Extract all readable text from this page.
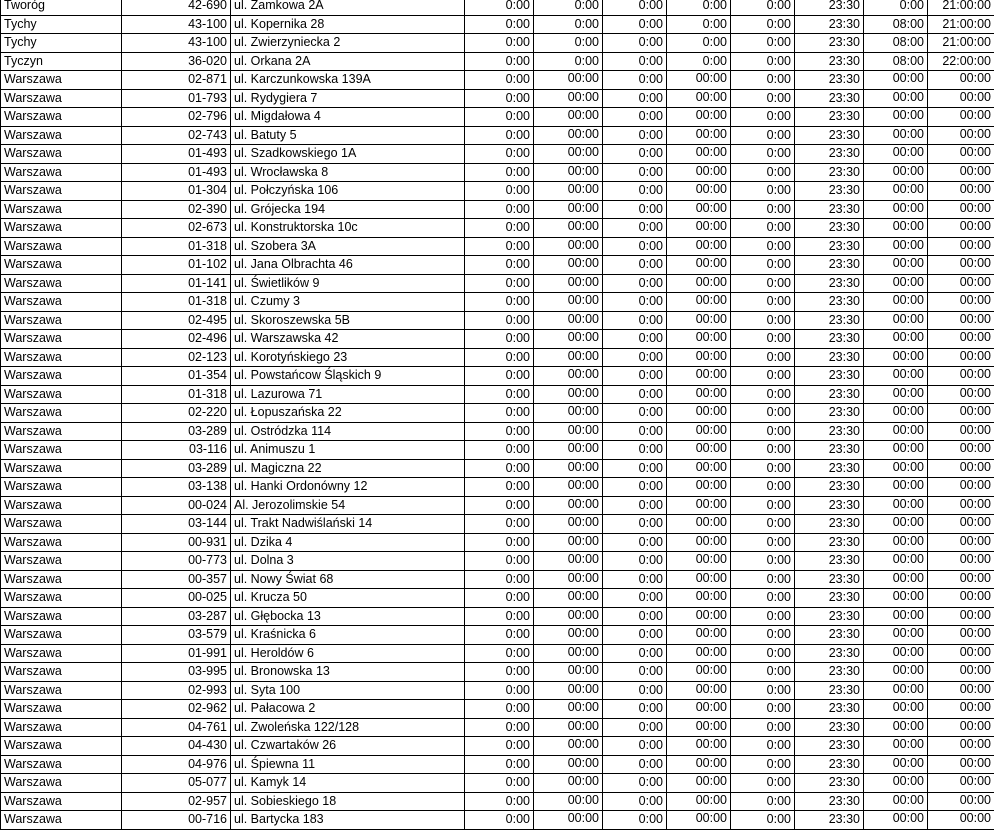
Tworóg	42-690	ul. Zamkowa 2A	0:00	0:00	0:00	0:00	0:00	23:30	0:00	21:00:00
Tychy	43-100	ul. Kopernika 28	0:00	0:00	0:00	0:00	0:00	23:30	08:00	21:00:00
Tychy	43-100	ul. Zwierzyniecka 2	0:00	0:00	0:00	0:00	0:00	23:30	08:00	21:00:00
Tyczyn	36-020	ul. Orkana 2A	0:00	0:00	0:00	0:00	0:00	23:30	08:00	22:00:00
Warszawa	02-871	ul. Karczunkowska 139A	0:00	00:00	0:00	00:00	0:00	23:30	00:00	00:00
Warszawa	01-793	ul. Rydygiera 7	0:00	00:00	0:00	00:00	0:00	23:30	00:00	00:00
Warszawa	02-796	ul. Migdałowa 4	0:00	00:00	0:00	00:00	0:00	23:30	00:00	00:00
Warszawa	02-743	ul. Batuty 5	0:00	00:00	0:00	00:00	0:00	23:30	00:00	00:00
Warszawa	01-493	ul. Szadkowskiego 1A	0:00	00:00	0:00	00:00	0:00	23:30	00:00	00:00
Warszawa	01-493	ul. Wrocławska 8	0:00	00:00	0:00	00:00	0:00	23:30	00:00	00:00
Warszawa	01-304	ul. Połczyńska 106	0:00	00:00	0:00	00:00	0:00	23:30	00:00	00:00
Warszawa	02-390	ul. Grójecka 194	0:00	00:00	0:00	00:00	0:00	23:30	00:00	00:00
Warszawa	02-673	ul. Konstruktorska 10c	0:00	00:00	0:00	00:00	0:00	23:30	00:00	00:00
Warszawa	01-318	ul. Szobera 3A	0:00	00:00	0:00	00:00	0:00	23:30	00:00	00:00
Warszawa	01-102	ul. Jana Olbrachta 46	0:00	00:00	0:00	00:00	0:00	23:30	00:00	00:00
Warszawa	01-141	ul. Świetlików 9	0:00	00:00	0:00	00:00	0:00	23:30	00:00	00:00
Warszawa	01-318	ul. Czumy 3	0:00	00:00	0:00	00:00	0:00	23:30	00:00	00:00
Warszawa	02-495	ul. Skoroszewska 5B	0:00	00:00	0:00	00:00	0:00	23:30	00:00	00:00
Warszawa	02-496	ul. Warszawska 42	0:00	00:00	0:00	00:00	0:00	23:30	00:00	00:00
Warszawa	02-123	ul. Korotyńskiego 23	0:00	00:00	0:00	00:00	0:00	23:30	00:00	00:00
Warszawa	01-354	ul. Powstańcow Śląskich 9	0:00	00:00	0:00	00:00	0:00	23:30	00:00	00:00
Warszawa	01-318	ul. Lazurowa 71	0:00	00:00	0:00	00:00	0:00	23:30	00:00	00:00
Warszawa	02-220	ul. Łopuszańska 22	0:00	00:00	0:00	00:00	0:00	23:30	00:00	00:00
Warszawa	03-289	ul. Ostródzka 114	0:00	00:00	0:00	00:00	0:00	23:30	00:00	00:00
Warszawa	03-116	ul. Animuszu 1	0:00	00:00	0:00	00:00	0:00	23:30	00:00	00:00
Warszawa	03-289	ul. Magiczna 22	0:00	00:00	0:00	00:00	0:00	23:30	00:00	00:00
Warszawa	03-138	ul. Hanki Ordonówny 12	0:00	00:00	0:00	00:00	0:00	23:30	00:00	00:00
Warszawa	00-024	Al. Jerozolimskie 54	0:00	00:00	0:00	00:00	0:00	23:30	00:00	00:00
Warszawa	03-144	ul. Trakt Nadwiślański 14	0:00	00:00	0:00	00:00	0:00	23:30	00:00	00:00
Warszawa	00-931	ul. Dzika 4	0:00	00:00	0:00	00:00	0:00	23:30	00:00	00:00
Warszawa	00-773	ul. Dolna 3	0:00	00:00	0:00	00:00	0:00	23:30	00:00	00:00
Warszawa	00-357	ul. Nowy Świat 68	0:00	00:00	0:00	00:00	0:00	23:30	00:00	00:00
Warszawa	00-025	ul. Krucza 50	0:00	00:00	0:00	00:00	0:00	23:30	00:00	00:00
Warszawa	03-287	ul. Głębocka 13	0:00	00:00	0:00	00:00	0:00	23:30	00:00	00:00
Warszawa	03-579	ul. Kraśnicka 6	0:00	00:00	0:00	00:00	0:00	23:30	00:00	00:00
Warszawa	01-991	ul. Heroldów 6	0:00	00:00	0:00	00:00	0:00	23:30	00:00	00:00
Warszawa	03-995	ul. Bronowska 13	0:00	00:00	0:00	00:00	0:00	23:30	00:00	00:00
Warszawa	02-993	ul. Syta 100	0:00	00:00	0:00	00:00	0:00	23:30	00:00	00:00
Warszawa	02-962	ul. Pałacowa 2	0:00	00:00	0:00	00:00	0:00	23:30	00:00	00:00
Warszawa	04-761	ul. Zwoleńska 122/128	0:00	00:00	0:00	00:00	0:00	23:30	00:00	00:00
Warszawa	04-430	ul. Czwartaków 26	0:00	00:00	0:00	00:00	0:00	23:30	00:00	00:00
Warszawa	04-976	ul. Śpiewna 11	0:00	00:00	0:00	00:00	0:00	23:30	00:00	00:00
Warszawa	05-077	ul. Kamyk 14	0:00	00:00	0:00	00:00	0:00	23:30	00:00	00:00
Warszawa	02-957	ul. Sobieskiego 18	0:00	00:00	0:00	00:00	0:00	23:30	00:00	00:00
Warszawa	00-716	ul. Bartycka 183	0:00	00:00	0:00	00:00	0:00	23:30	00:00	00:00
